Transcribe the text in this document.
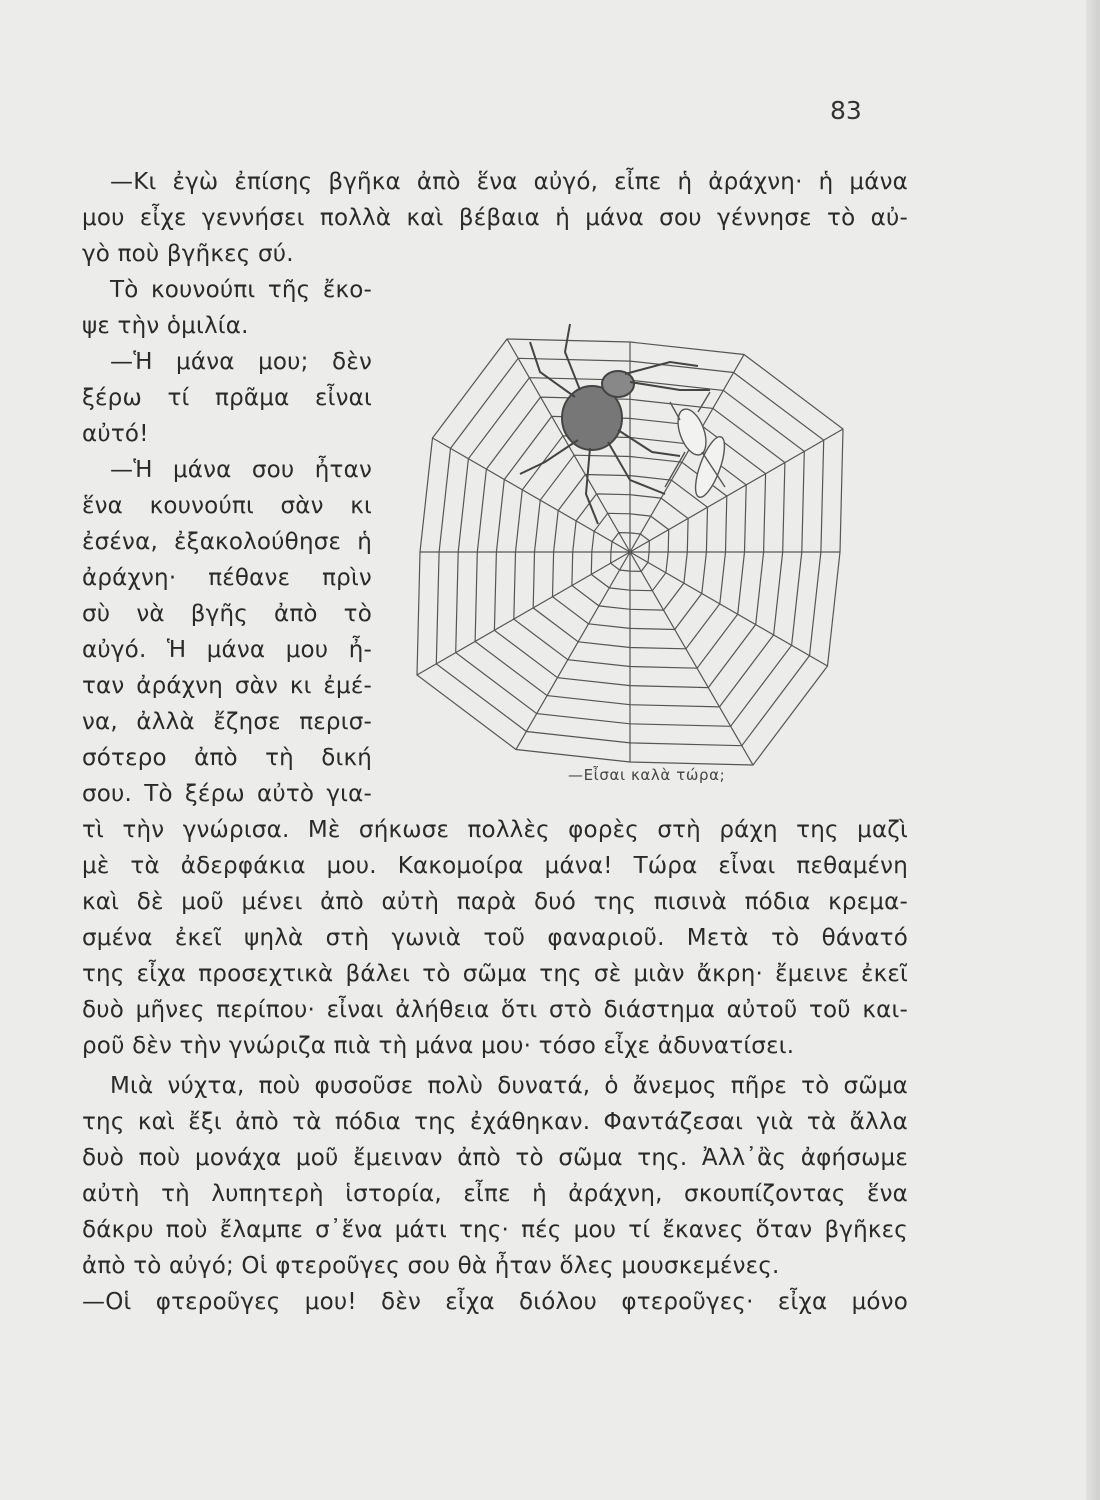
83
—Κι ἐγὼ ἐπίσης βγῆκα ἀπὸ ἕνα αὐγό, εἶπε ἡ ἀράχνη· ἡ μάνα
μου εἶχε γεννήσει πολλὰ καὶ βέβαια ἡ μάνα σου γέννησε τὸ αὐ-
γὸ ποὺ βγῆκες σύ.
Τὸ κουνούπι τῆς ἔκο-
ψε τὴν ὁμιλία.
—Ἡ μάνα μου; δὲν
ξέρω τί πρᾶμα εἶναι
αὐτό!
—Ἡ μάνα σου ἦταν
ἕνα κουνούπι σὰν κι
ἐσένα, ἐξακολούθησε ἡ
ἀράχνη· πέθανε πρὶν
σὺ νὰ βγῆς ἀπὸ τὸ
αὐγό. Ἡ μάνα μου ἦ-
ταν ἀράχνη σὰν κι ἐμέ-
να, ἀλλὰ ἔζησε περισ-
σότερο ἀπὸ τὴ δική
σου. Τὸ ξέρω αὐτὸ για-
—Εἶσαι καλὰ τώρα;
τὶ τὴν γνώρισα. Μὲ σήκωσε πολλὲς φορὲς στὴ ράχη της μαζὶ
μὲ τὰ ἀδερφάκια μου. Κακομοίρα μάνα! Τώρα εἶναι πεθαμένη
καὶ δὲ μοῦ μένει ἀπὸ αὐτὴ παρὰ δυό της πισινὰ πόδια κρεμα-
σμένα ἐκεῖ ψηλὰ στὴ γωνιὰ τοῦ φαναριοῦ. Μετὰ τὸ θάνατό
της εἶχα προσεχτικὰ βάλει τὸ σῶμα της σὲ μιὰν ἄκρη· ἔμεινε ἐκεῖ
δυὸ μῆνες περίπου· εἶναι ἀλήθεια ὅτι στὸ διάστημα αὐτοῦ τοῦ και-
ροῦ δὲν τὴν γνώριζα πιὰ τὴ μάνα μου· τόσο εἶχε ἀδυνατίσει.
Μιὰ νύχτα, ποὺ φυσοῦσε πολὺ δυνατά, ὁ ἄνεμος πῆρε τὸ σῶμα
της καὶ ἔξι ἀπὸ τὰ πόδια της ἐχάθηκαν. Φαντάζεσαι γιὰ τὰ ἄλλα
δυὸ ποὺ μονάχα μοῦ ἔμειναν ἀπὸ τὸ σῶμα της. Ἀλλ᾿ἂς ἀφήσωμε
αὐτὴ τὴ λυπητερὴ ἱστορία, εἶπε ἡ ἀράχνη, σκουπίζοντας ἕνα
δάκρυ ποὺ ἔλαμπε σ᾿ἕνα μάτι της· πές μου τί ἔκανες ὅταν βγῆκες
ἀπὸ τὸ αὐγό; Οἱ φτεροῦγες σου θὰ ἦταν ὅλες μουσκεμένες.
—Οἱ φτεροῦγες μου! δὲν εἶχα διόλου φτεροῦγες· εἶχα μόνο
